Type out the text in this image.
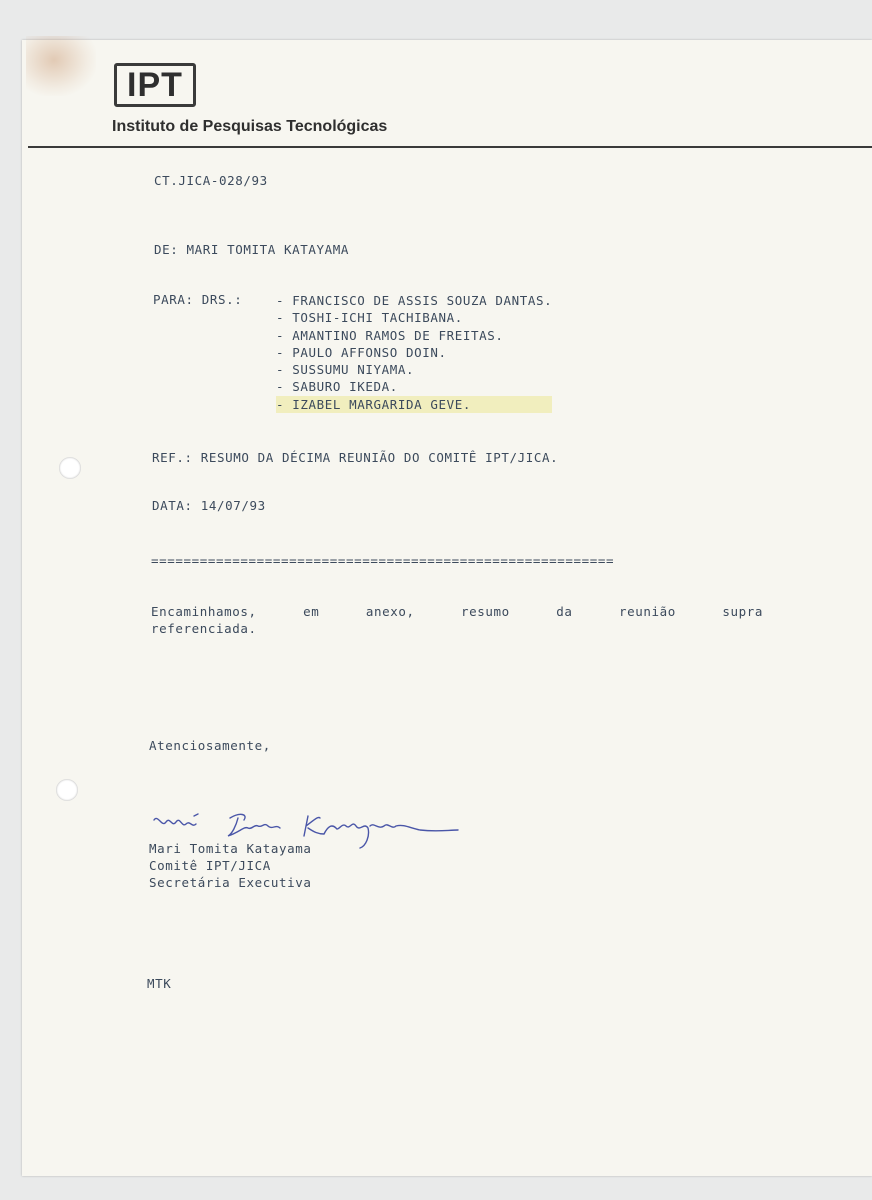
IPT
Instituto de Pesquisas Tecnológicas
CT.JICA-028/93
DE: MARI TOMITA KATAYAMA
PARA: DRS.:	- FRANCISCO DE ASSIS SOUZA DANTAS.
- TOSHI-ICHI TACHIBANA.
- AMANTINO RAMOS DE FREITAS.
- PAULO AFFONSO DOIN.
- SUSSUMU NIYAMA.
- SABURO IKEDA.
- IZABEL MARGARIDA GEVE.
REF.: RESUMO DA DÉCIMA REUNIÃO DO COMITÊ IPT/JICA.
DATA: 14/07/93
=========================================================
Encaminhamos,	em	anexo,	resumo	da	reunião	supra
referenciada.
Atenciosamente,
Mari Tomita Katayama
Comitê IPT/JICA
Secretária Executiva
MTK
